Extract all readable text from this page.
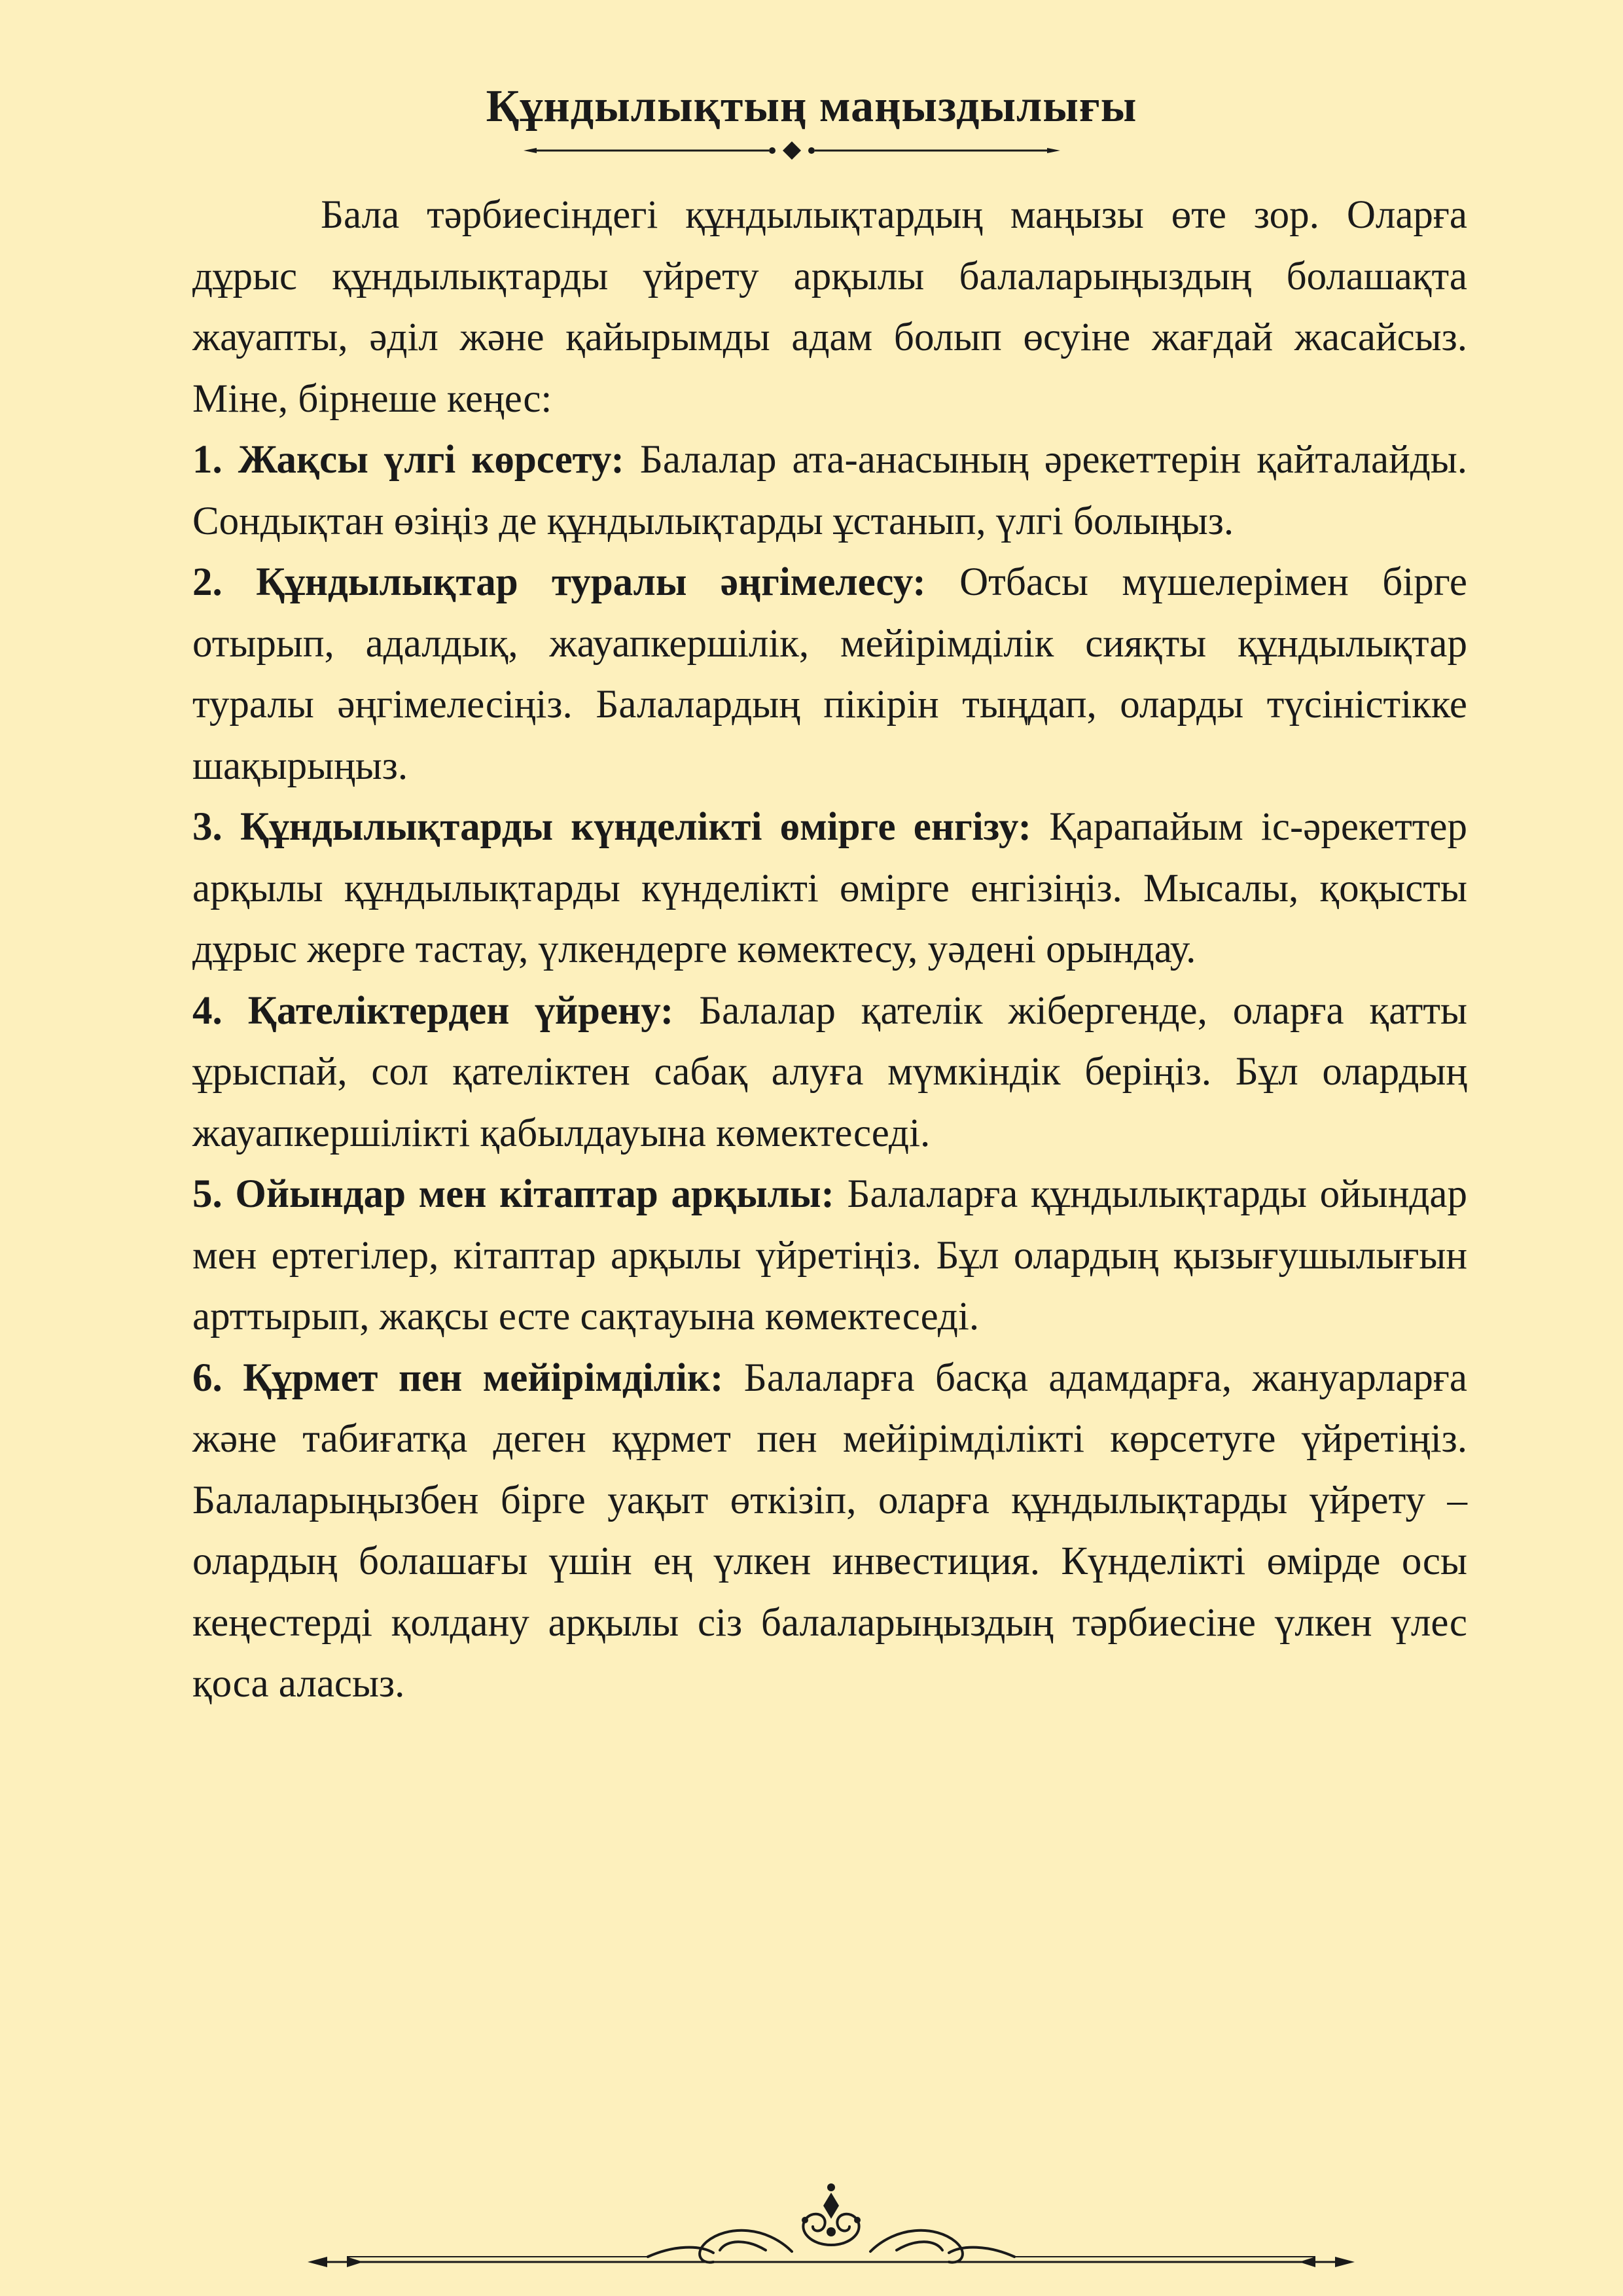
Құндылықтың маңыздылығы

Бала тәрбиесіндегі құндылықтардың маңызы өте зор. Оларға дұрыс құндылықтарды үйрету арқылы балаларыңыздың болашақта жауапты, әділ және қайырымды адам болып өсуіне жағдай жасайсыз. Міне, бірнеше кеңес:

1. Жақсы үлгі көрсету: Балалар ата-анасының әрекеттерін қайталайды. Сондықтан өзіңіз де құндылықтарды ұстанып, үлгі болыңыз.

2. Құндылықтар туралы әңгімелесу: Отбасы мүшелерімен бірге отырып, адалдық, жауапкершілік, мейірімділік сияқты құндылықтар туралы әңгімелесіңіз. Балалардың пікірін тыңдап, оларды түсіністікке шақырыңыз.

3. Құндылықтарды күнделікті өмірге енгізу: Қарапайым іс-әрекеттер арқылы құндылықтарды күнделікті өмірге енгізіңіз. Мысалы, қоқысты дұрыс жерге тастау, үлкендерге көмектесу, уәдені орындау.

4. Қателіктерден үйрену: Балалар қателік жібергенде, оларға қатты ұрыспай, сол қателіктен сабақ алуға мүмкіндік беріңіз. Бұл олардың жауапкершілікті қабылдауына көмектеседі.

5. Ойындар мен кітаптар арқылы: Балаларға құндылықтарды ойындар мен ертегілер, кітаптар арқылы үйретіңіз. Бұл олардың қызығушылығын арттырып, жақсы есте сақтауына көмектеседі.

6. Құрмет пен мейірімділік: Балаларға басқа адамдарға, жануарларға және табиғатқа деген құрмет пен мейірімділікті көрсетуге үйретіңіз. Балаларыңызбен бірге уақыт өткізіп, оларға құндылықтарды үйрету – олардың болашағы үшін ең үлкен инвестиция. Күнделікті өмірде осы кеңестерді қолдану арқылы сіз балаларыңыздың тәрбиесіне үлкен үлес қоса аласыз.
